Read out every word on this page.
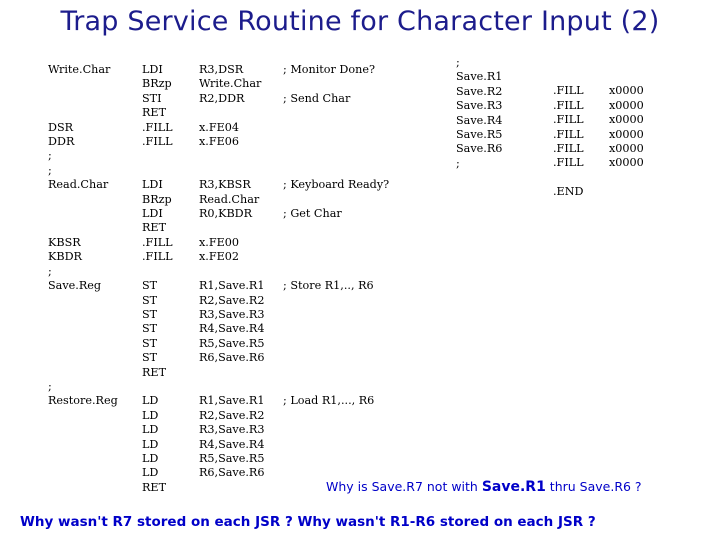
Trap Service Routine for Character Input (2)
Write.Char

DSR
DDR
;
;
Read.Char

KBSR
KBDR
;
Save.Reg

;
Restore.Reg
LDI
BRzp
STI
RET
.FILL
.FILL

LDI
BRzp
LDI
RET
.FILL
.FILL

ST
ST
ST
ST
ST
ST
RET

LD
LD
LD
LD
LD
LD
RET
R3,DSR
Write.Char
R2,DDR

x.FE04
x.FE06

R3,KBSR
Read.Char
R0,KBDR

x.FE00
x.FE02

R1,Save.R1
R2,Save.R2
R3,Save.R3
R4,Save.R4
R5,Save.R5
R6,Save.R6

R1,Save.R1
R2,Save.R2
R3,Save.R3
R4,Save.R4
R5,Save.R5
R6,Save.R6
; Monitor Done?

; Send Char

; Keyboard Ready?

; Get Char

; Store R1,.., R6

; Load R1,..., R6
;
Save.R1
Save.R2
Save.R3
Save.R4
Save.R5
Save.R6
;

.FILL
.FILL
.FILL
.FILL
.FILL
.FILL

.END

x0000
x0000
x0000
x0000
x0000
x0000
Why is Save.R7 not with Save.R1 thru Save.R6 ?
Why wasn't R7 stored on each JSR ? Why wasn't R1-R6 stored on each JSR ?
